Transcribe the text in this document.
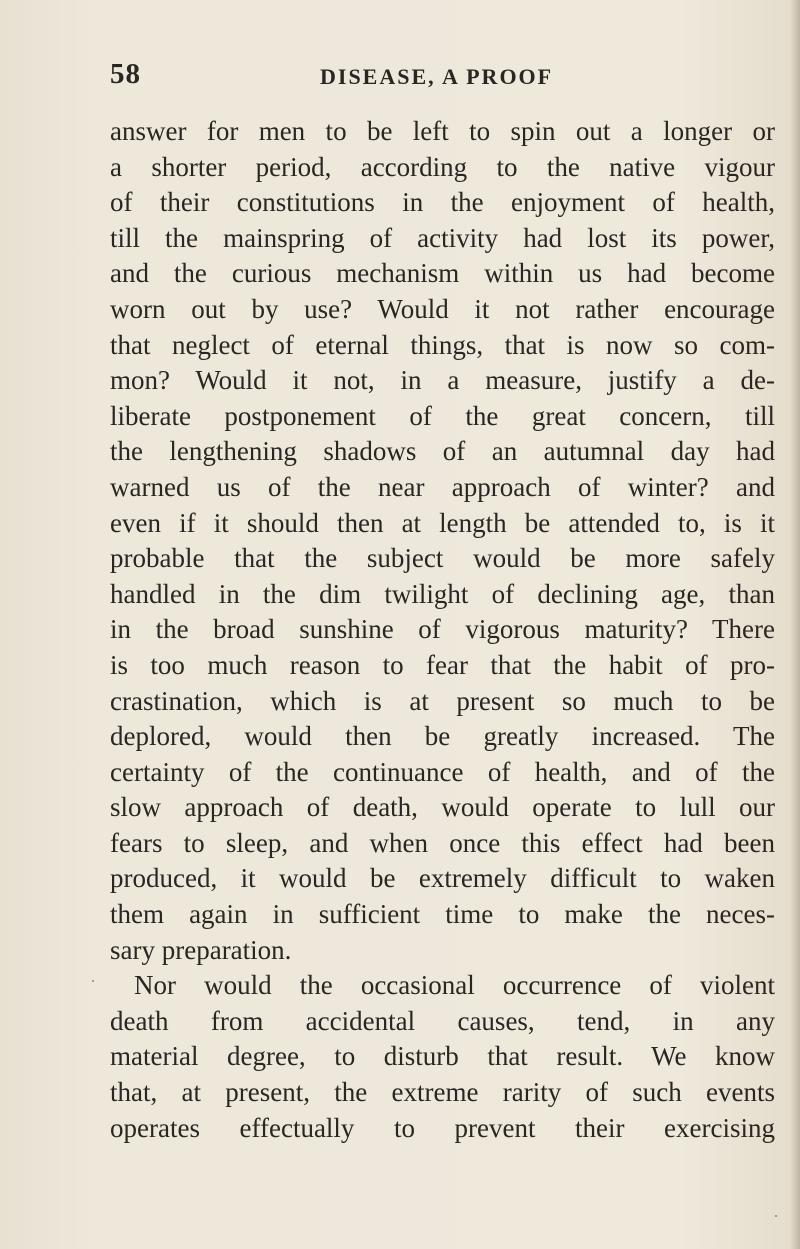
58	DISEASE, A PROOF
answer for men to be left to spin out a longer or
a shorter period, according to the native vigour
of their constitutions in the enjoyment of health,
till the mainspring of activity had lost its power,
and the curious mechanism within us had become
worn out by use? Would it not rather encourage
that neglect of eternal things, that is now so com-
mon? Would it not, in a measure, justify a de-
liberate postponement of the great concern, till
the lengthening shadows of an autumnal day had
warned us of the near approach of winter? and
even if it should then at length be attended to, is it
probable that the subject would be more safely
handled in the dim twilight of declining age, than
in the broad sunshine of vigorous maturity? There
is too much reason to fear that the habit of pro-
crastination, which is at present so much to be
deplored, would then be greatly increased. The
certainty of the continuance of health, and of the
slow approach of death, would operate to lull our
fears to sleep, and when once this effect had been
produced, it would be extremely difficult to waken
them again in sufficient time to make the neces-
sary preparation.
Nor would the occasional occurrence of violent
death from accidental causes, tend, in any
material degree, to disturb that result. We know
that, at present, the extreme rarity of such events
operates effectually to prevent their exercising
